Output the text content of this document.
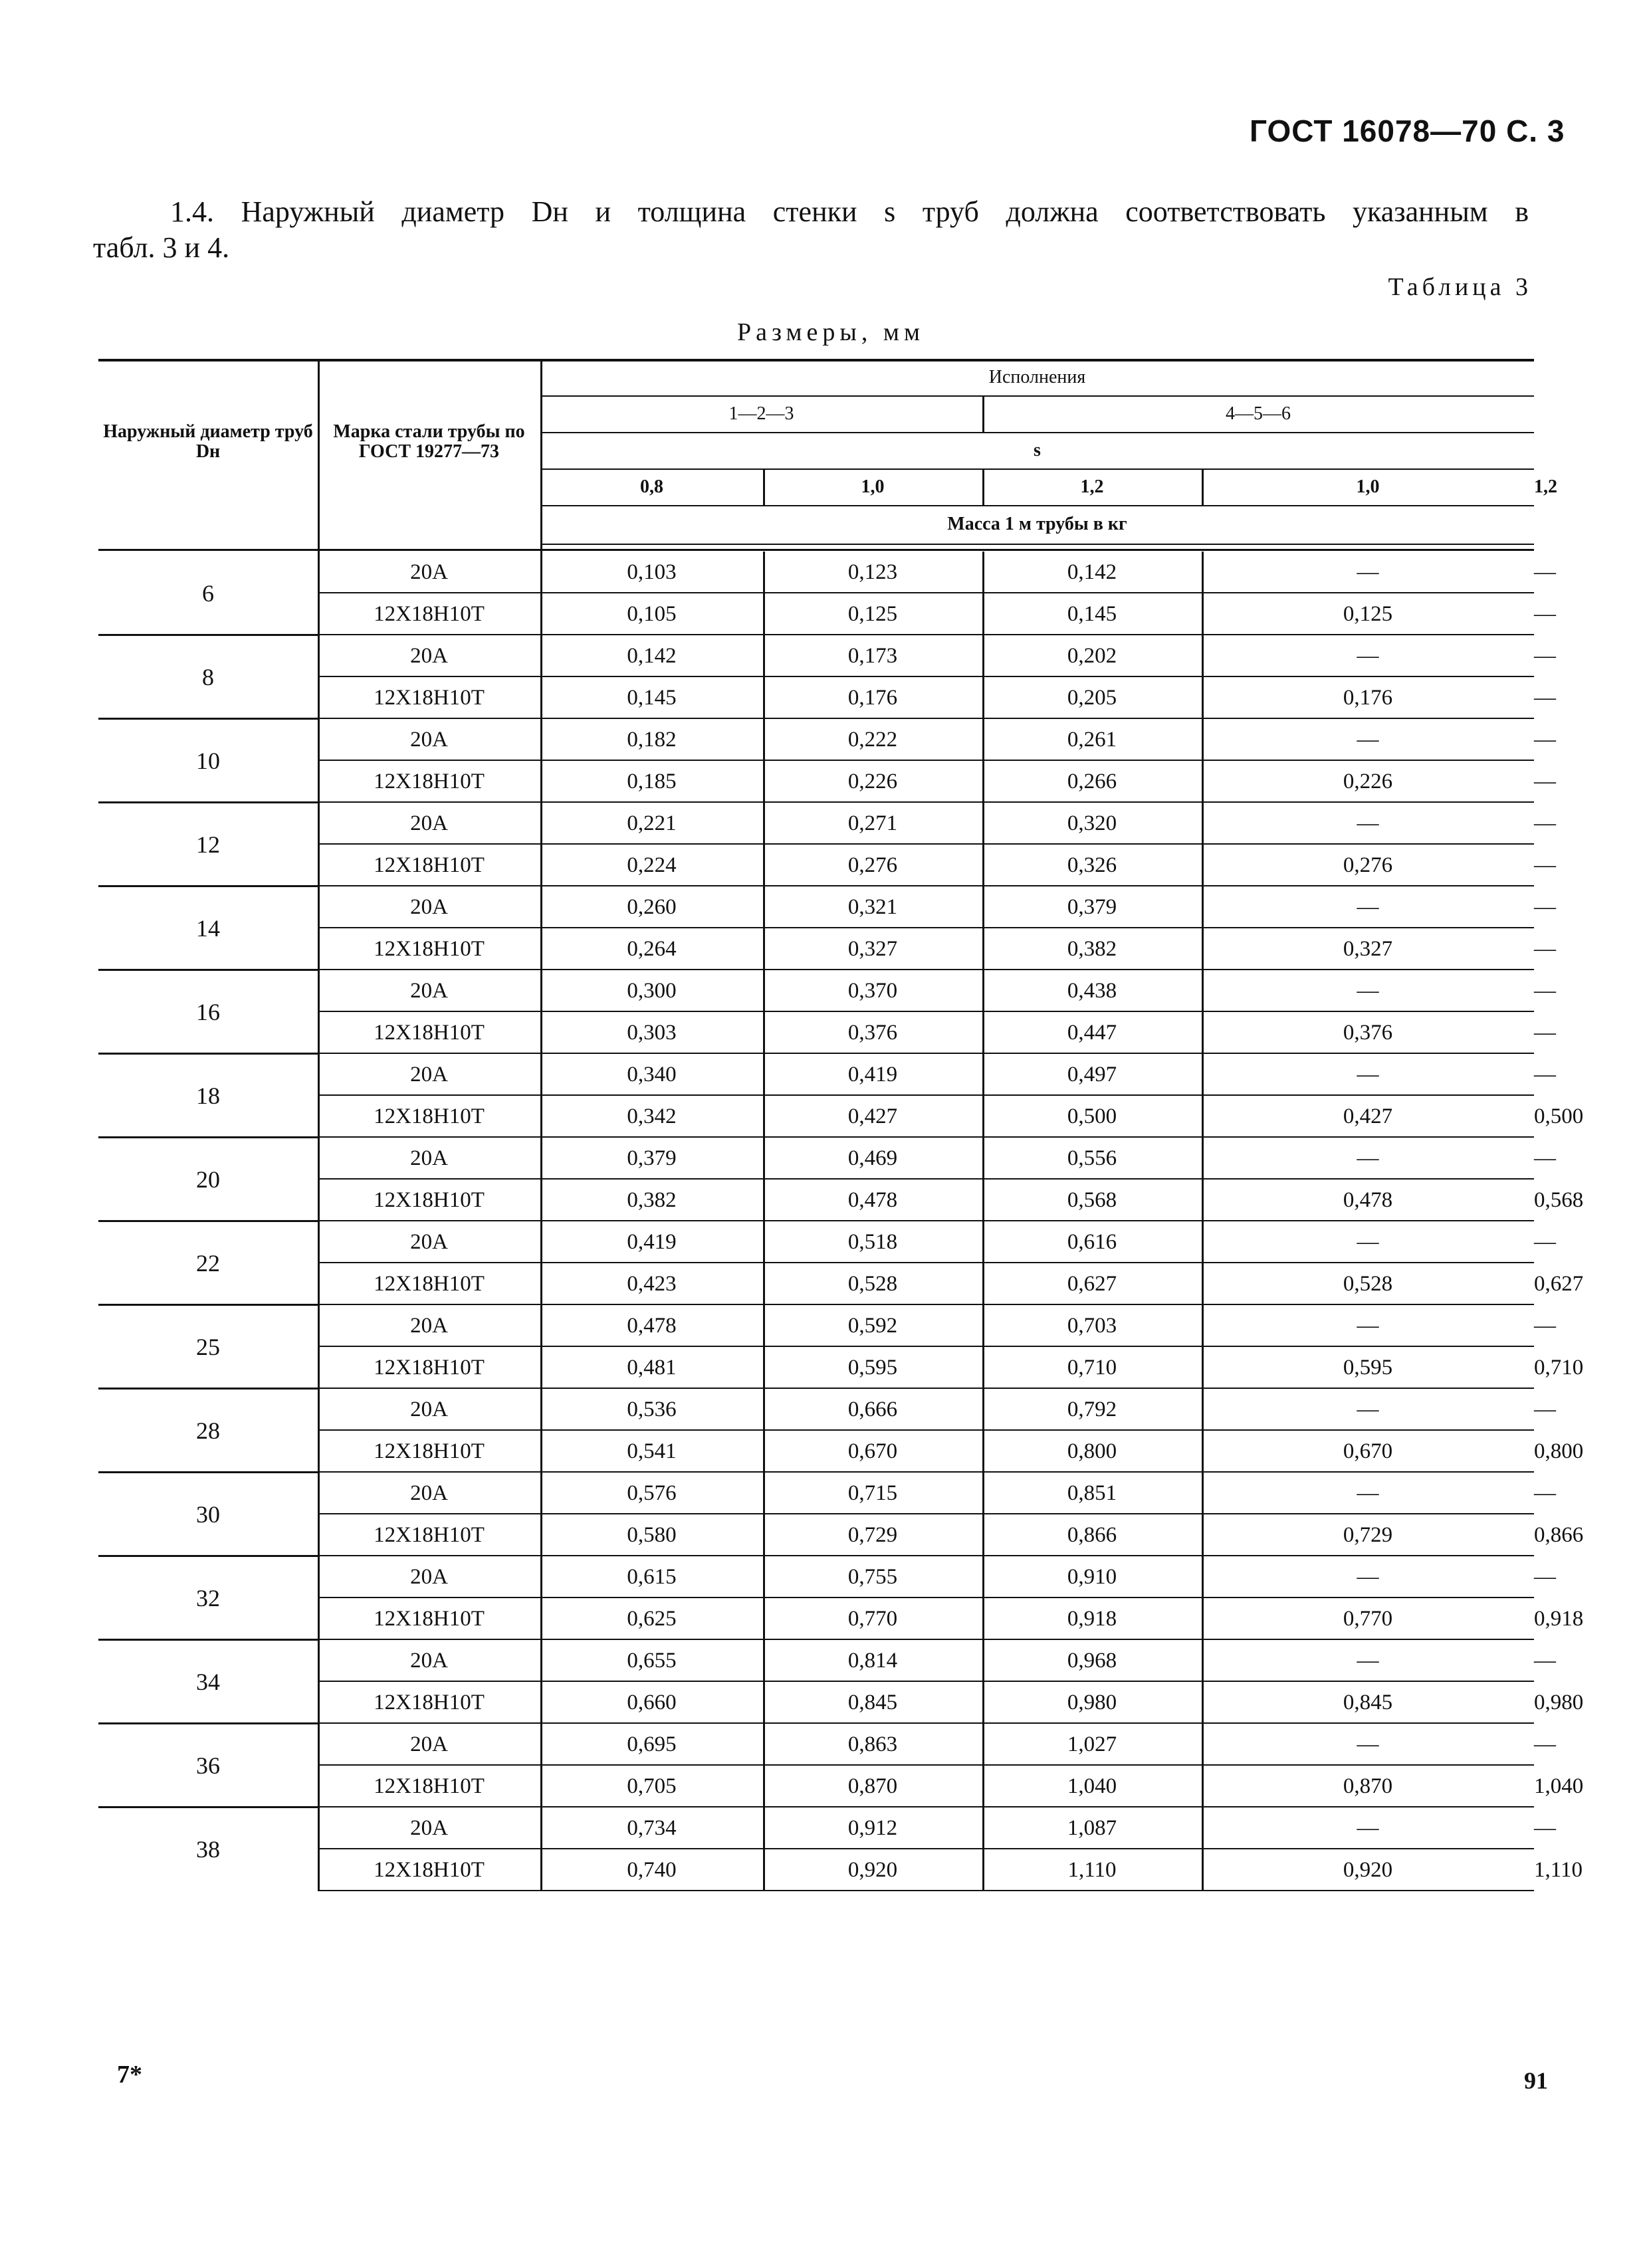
ГОСТ 16078—70 С. 3
1.4. Наружный диаметр Dн и толщина стенки s труб должна соответствовать указанным в
табл. 3 и 4.
Таблица 3
Размеры, мм
Наружный диаметр труб Dн
Марка стали трубы по ГОСТ 19277—73
Исполнения
1—2—3	4—5—6
s
0,8	1,0	1,2	1,0	1,2
Масса 1 м трубы в кг
6
20A	0,103	0,123	0,142	—	—
12X18H10T	0,105	0,125	0,145	0,125	—
8
20A	0,142	0,173	0,202	—	—
12X18H10T	0,145	0,176	0,205	0,176	—
10
20A	0,182	0,222	0,261	—	—
12X18H10T	0,185	0,226	0,266	0,226	—
12
20A	0,221	0,271	0,320	—	—
12X18H10T	0,224	0,276	0,326	0,276	—
14
20A	0,260	0,321	0,379	—	—
12X18H10T	0,264	0,327	0,382	0,327	—
16
20A	0,300	0,370	0,438	—	—
12X18H10T	0,303	0,376	0,447	0,376	—
18
20A	0,340	0,419	0,497	—	—
12X18H10T	0,342	0,427	0,500	0,427	0,500
20
20A	0,379	0,469	0,556	—	—
12X18H10T	0,382	0,478	0,568	0,478	0,568
22
20A	0,419	0,518	0,616	—	—
12X18H10T	0,423	0,528	0,627	0,528	0,627
25
20A	0,478	0,592	0,703	—	—
12X18H10T	0,481	0,595	0,710	0,595	0,710
28
20A	0,536	0,666	0,792	—	—
12X18H10T	0,541	0,670	0,800	0,670	0,800
30
20A	0,576	0,715	0,851	—	—
12X18H10T	0,580	0,729	0,866	0,729	0,866
32
20A	0,615	0,755	0,910	—	—
12X18H10T	0,625	0,770	0,918	0,770	0,918
34
20A	0,655	0,814	0,968	—	—
12X18H10T	0,660	0,845	0,980	0,845	0,980
36
20A	0,695	0,863	1,027	—	—
12X18H10T	0,705	0,870	1,040	0,870	1,040
38
20A	0,734	0,912	1,087	—	—
12X18H10T	0,740	0,920	1,110	0,920	1,110
7*	91
